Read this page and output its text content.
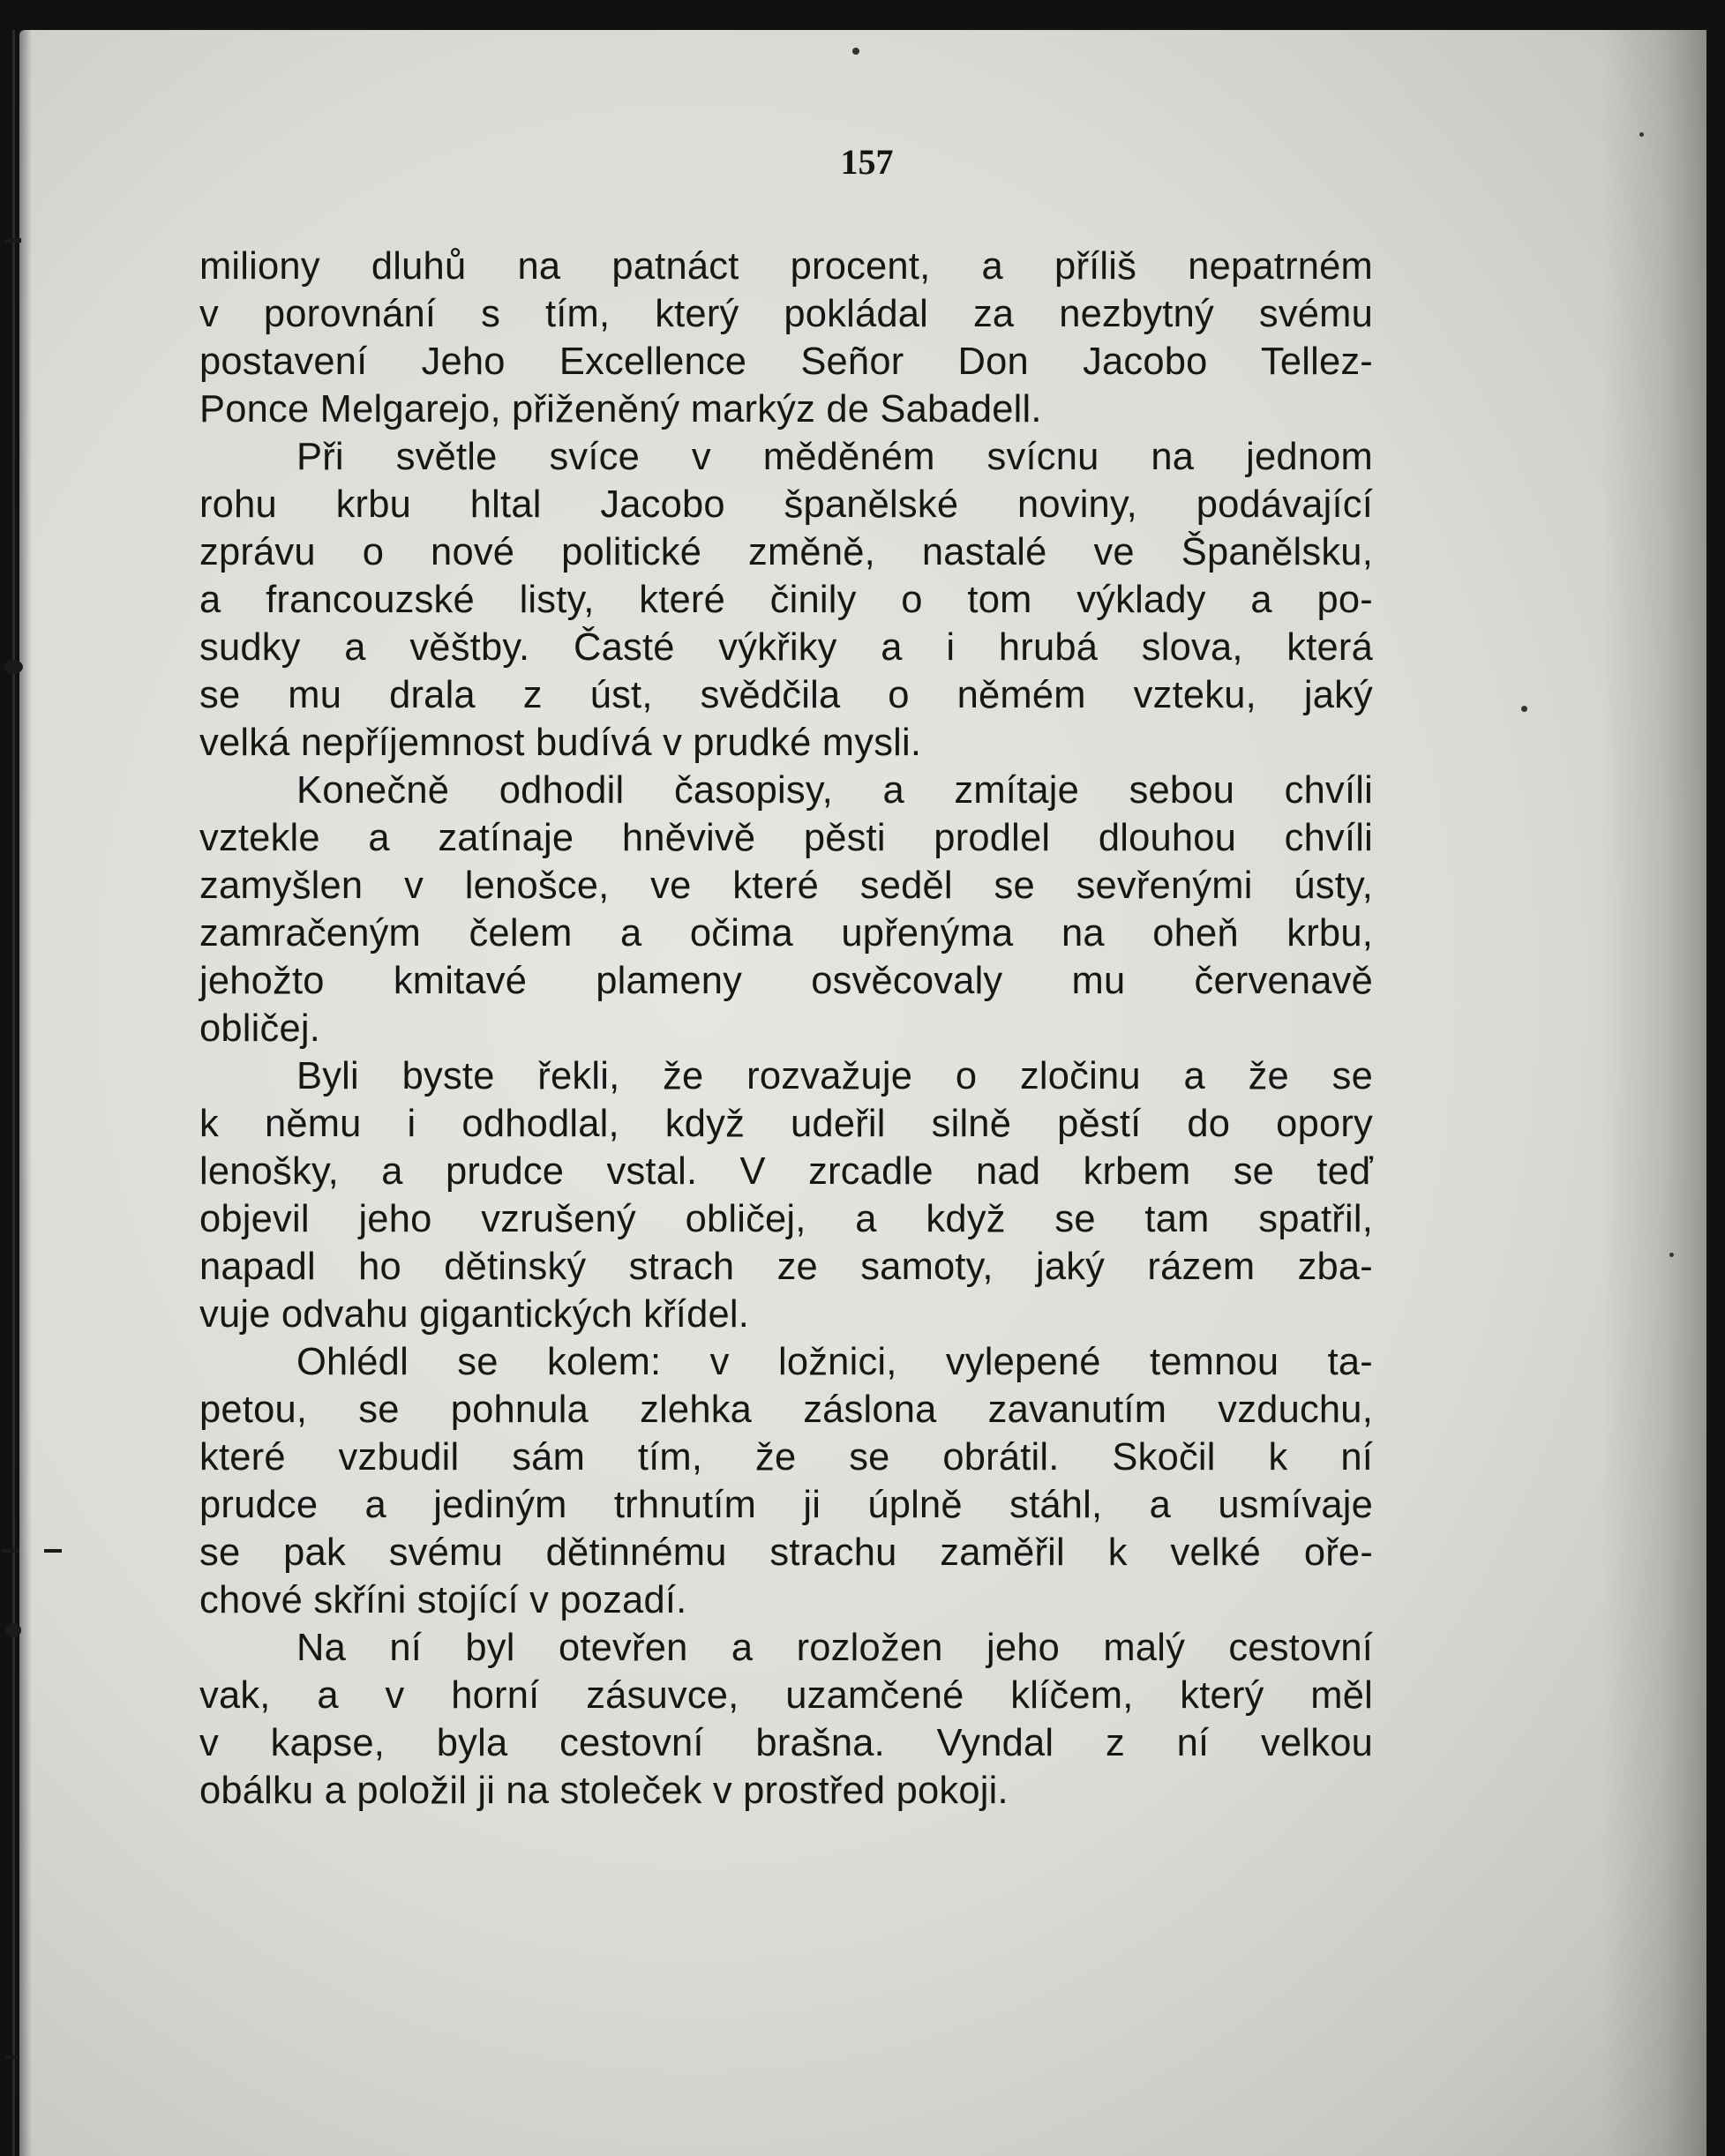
157

miliony dluhů na patnáct procent, a příliš nepatrném
v porovnání s tím, který pokládal za nezbytný svému
postavení Jeho Excellence Señor Don Jacobo Tellez-
Ponce Melgarejo, přiženěný markýz de Sabadell.

Při světle svíce v měděném svícnu na jednom
rohu krbu hltal Jacobo španělské noviny, podávající
zprávu o nové politické změně, nastalé ve Španělsku,
a francouzské listy, které činily o tom výklady a po-
sudky a věštby. Časté výkřiky a i hrubá slova, která
se mu drala z úst, svědčila o němém vzteku, jaký
velká nepříjemnost budívá v prudké mysli.

Konečně odhodil časopisy, a zmítaje sebou chvíli
vztekle a zatínaje hněvivě pěsti prodlel dlouhou chvíli
zamyšlen v lenošce, ve které seděl se sevřenými ústy,
zamračeným čelem a očima upřenýma na oheň krbu,
jehožto kmitavé plameny osvěcovaly mu červenavě
obličej.

Byli byste řekli, že rozvažuje o zločinu a že se
k němu i odhodlal, když udeřil silně pěstí do opory
lenošky, a prudce vstal. V zrcadle nad krbem se teď
objevil jeho vzrušený obličej, a když se tam spatřil,
napadl ho dětinský strach ze samoty, jaký rázem zba-
vuje odvahu gigantických křídel.

Ohlédl se kolem: v ložnici, vylepené temnou ta-
petou, se pohnula zlehka záslona zavanutím vzduchu,
které vzbudil sám tím, že se obrátil. Skočil k ní
prudce a jediným trhnutím ji úplně stáhl, a usmívaje
se pak svému dětinnému strachu zaměřil k velké oře-
chové skříni stojící v pozadí.

Na ní byl otevřen a rozložen jeho malý cestovní
vak, a v horní zásuvce, uzamčené klíčem, který měl
v kapse, byla cestovní brašna. Vyndal z ní velkou
obálku a položil ji na stoleček v prostřed pokoji.
